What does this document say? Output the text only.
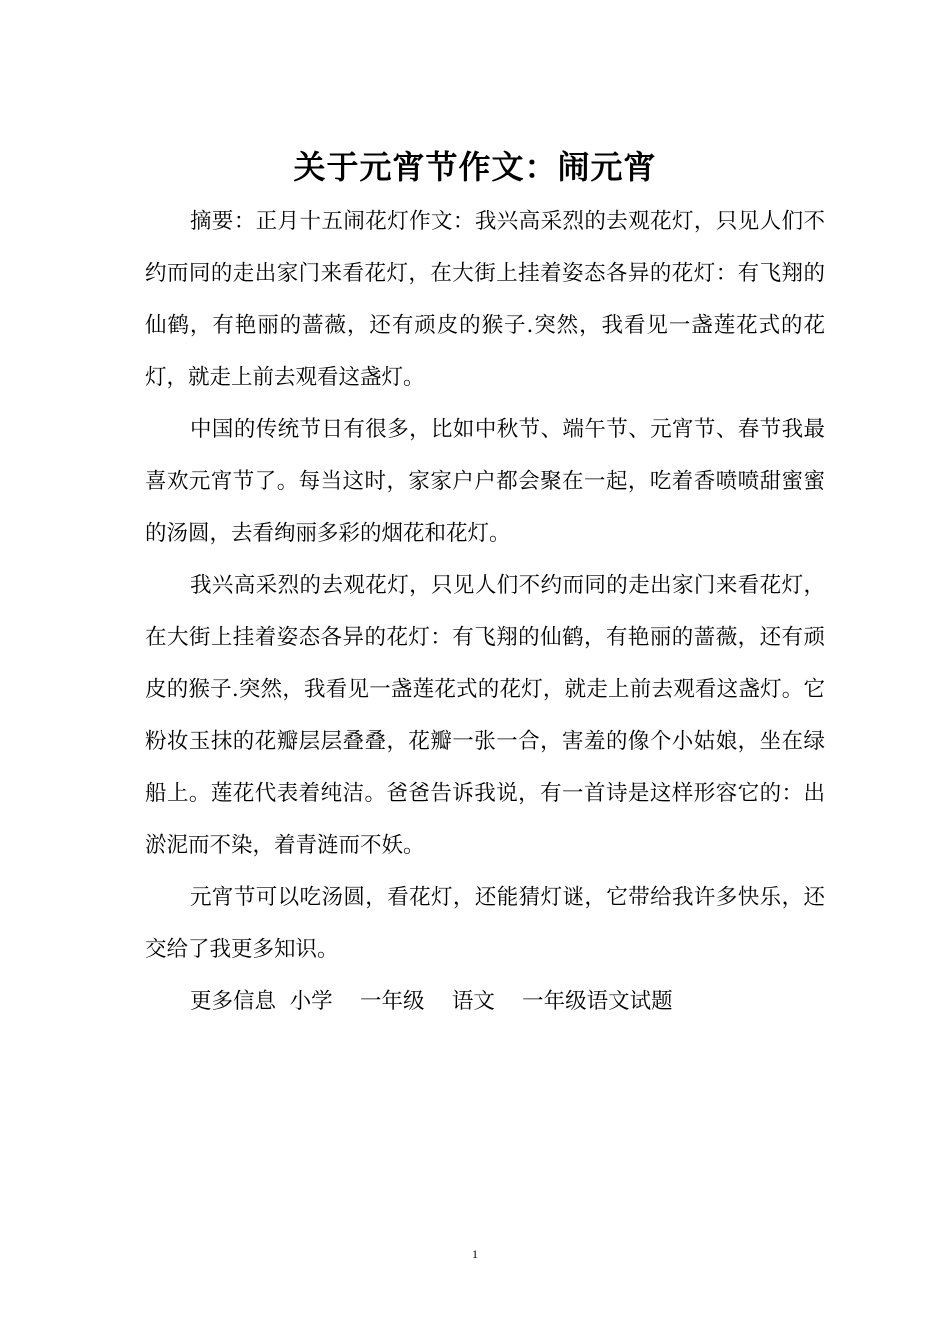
关于元宵节作文：闹元宵

摘要：正月十五闹花灯作文：我兴高采烈的去观花灯，只见人们不约而同的走出家门来看花灯，在大街上挂着姿态各异的花灯：有飞翔的仙鹤，有艳丽的蔷薇，还有顽皮的猴子.突然，我看见一盏莲花式的花灯，就走上前去观看这盏灯。

中国的传统节日有很多，比如中秋节、端午节、元宵节、春节我最喜欢元宵节了。每当这时，家家户户都会聚在一起，吃着香喷喷甜蜜蜜的汤圆，去看绚丽多彩的烟花和花灯。

我兴高采烈的去观花灯，只见人们不约而同的走出家门来看花灯，在大街上挂着姿态各异的花灯：有飞翔的仙鹤，有艳丽的蔷薇，还有顽皮的猴子.突然，我看见一盏莲花式的花灯，就走上前去观看这盏灯。它粉妆玉抹的花瓣层层叠叠，花瓣一张一合，害羞的像个小姑娘，坐在绿船上。莲花代表着纯洁。爸爸告诉我说，有一首诗是这样形容它的：出淤泥而不染，着青涟而不妖。

元宵节可以吃汤圆，看花灯，还能猜灯谜，它带给我许多快乐，还交给了我更多知识。

更多信息  小学    一年级    语文    一年级语文试题

1
